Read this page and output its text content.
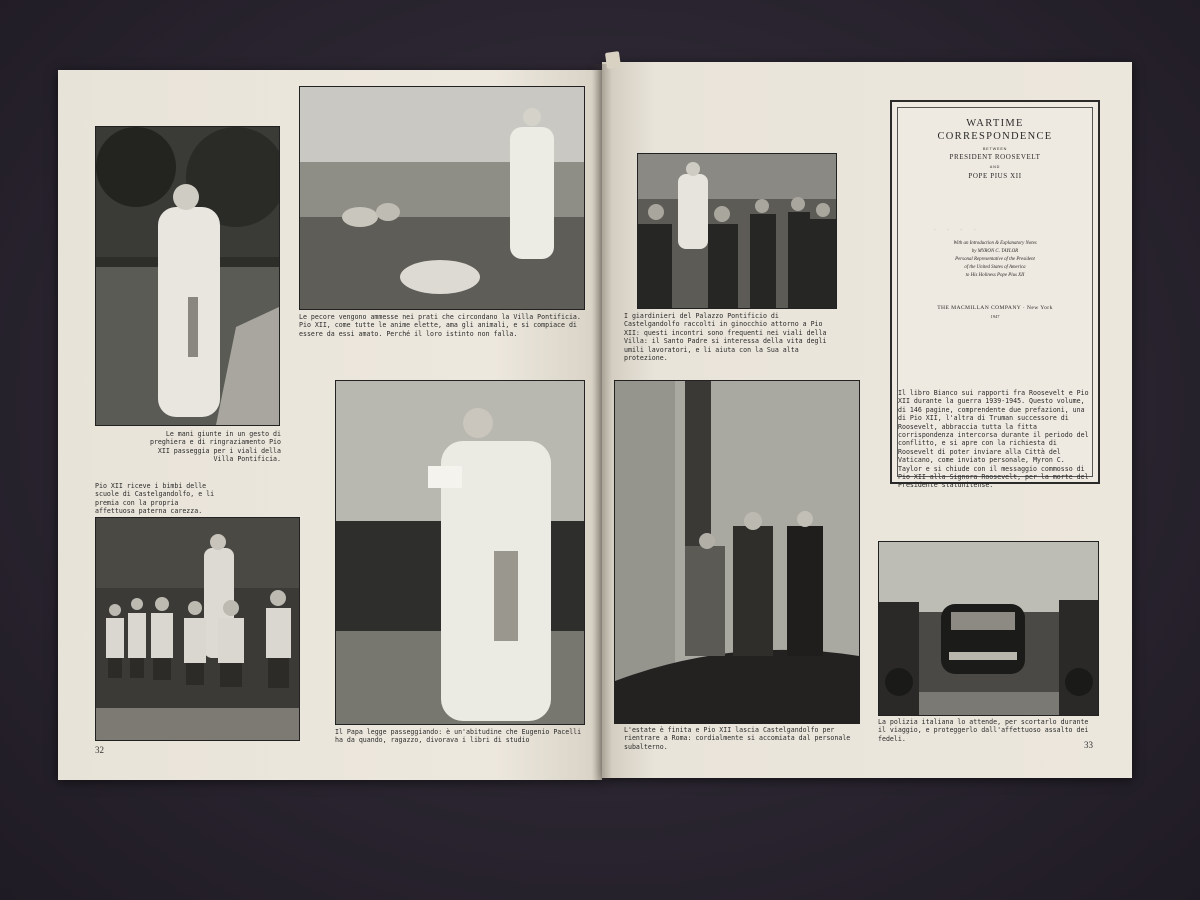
· · · ·

WARTIME

CORRESPONDENCE

BETWEEN

PRESIDENT ROOSEVELT

AND

POPE PIUS XII

With an Introduction & Explanatory Notes

by MYRON C. TAYLOR

Personal Representative of the President

of the United States of America

to His Holiness Pope Pius XII

THE MACMILLAN COMPANY · New York

1947

Le pecore vengono ammesse nei prati che circondano la Villa Pontificia. Pio XII, come tutte le anime elette, ama gli animali, e si compiace di essere da essi amato. Perché il loro istinto non falla.

Le mani giunte in un gesto di preghiera e di ringraziamento Pio XII passeggia per i viali della Villa Pontificia.

Pio XII riceve i bimbi delle scuole di Castelgandolfo, e li premia con la propria affettuosa paterna carezza.

Il Papa legge passeggiando: è un'abitudine che Eugenio Pacelli ha da quando, ragazzo, divorava i libri di studio

I giardinieri del Palazzo Pontificio di Castelgandolfo raccolti in ginocchio attorno a Pio XII: questi incontri sono frequenti nei viali della Villa: il Santo Padre si interessa della vita degli umili lavoratori, e li aiuta con la Sua alta protezione.

Il libro Bianco sui rapporti fra Roosevelt e Pio XII durante la guerra 1939-1945. Questo volume, di 146 pagine, comprendente due prefazioni, una di Pio XII, l'altra di Truman successore di Roosevelt, abbraccia tutta la fitta corrispondenza intercorsa durante il periodo del conflitto, e si apre con la richiesta di Roosevelt di poter inviare alla Città del Vaticano, come inviato personale, Myron C. Taylor e si chiude con il messaggio commosso di Pio XII alla Signora Roosevelt, per la morte del Presidente statunitense.

L'estate è finita e Pio XII lascia Castelgandolfo per rientrare a Roma: cordialmente si accomiata dal personale subalterno.

La polizia italiana lo attende, per scortarlo durante il viaggio, e proteggerlo dall'affettuoso assalto dei fedeli.

32	33
